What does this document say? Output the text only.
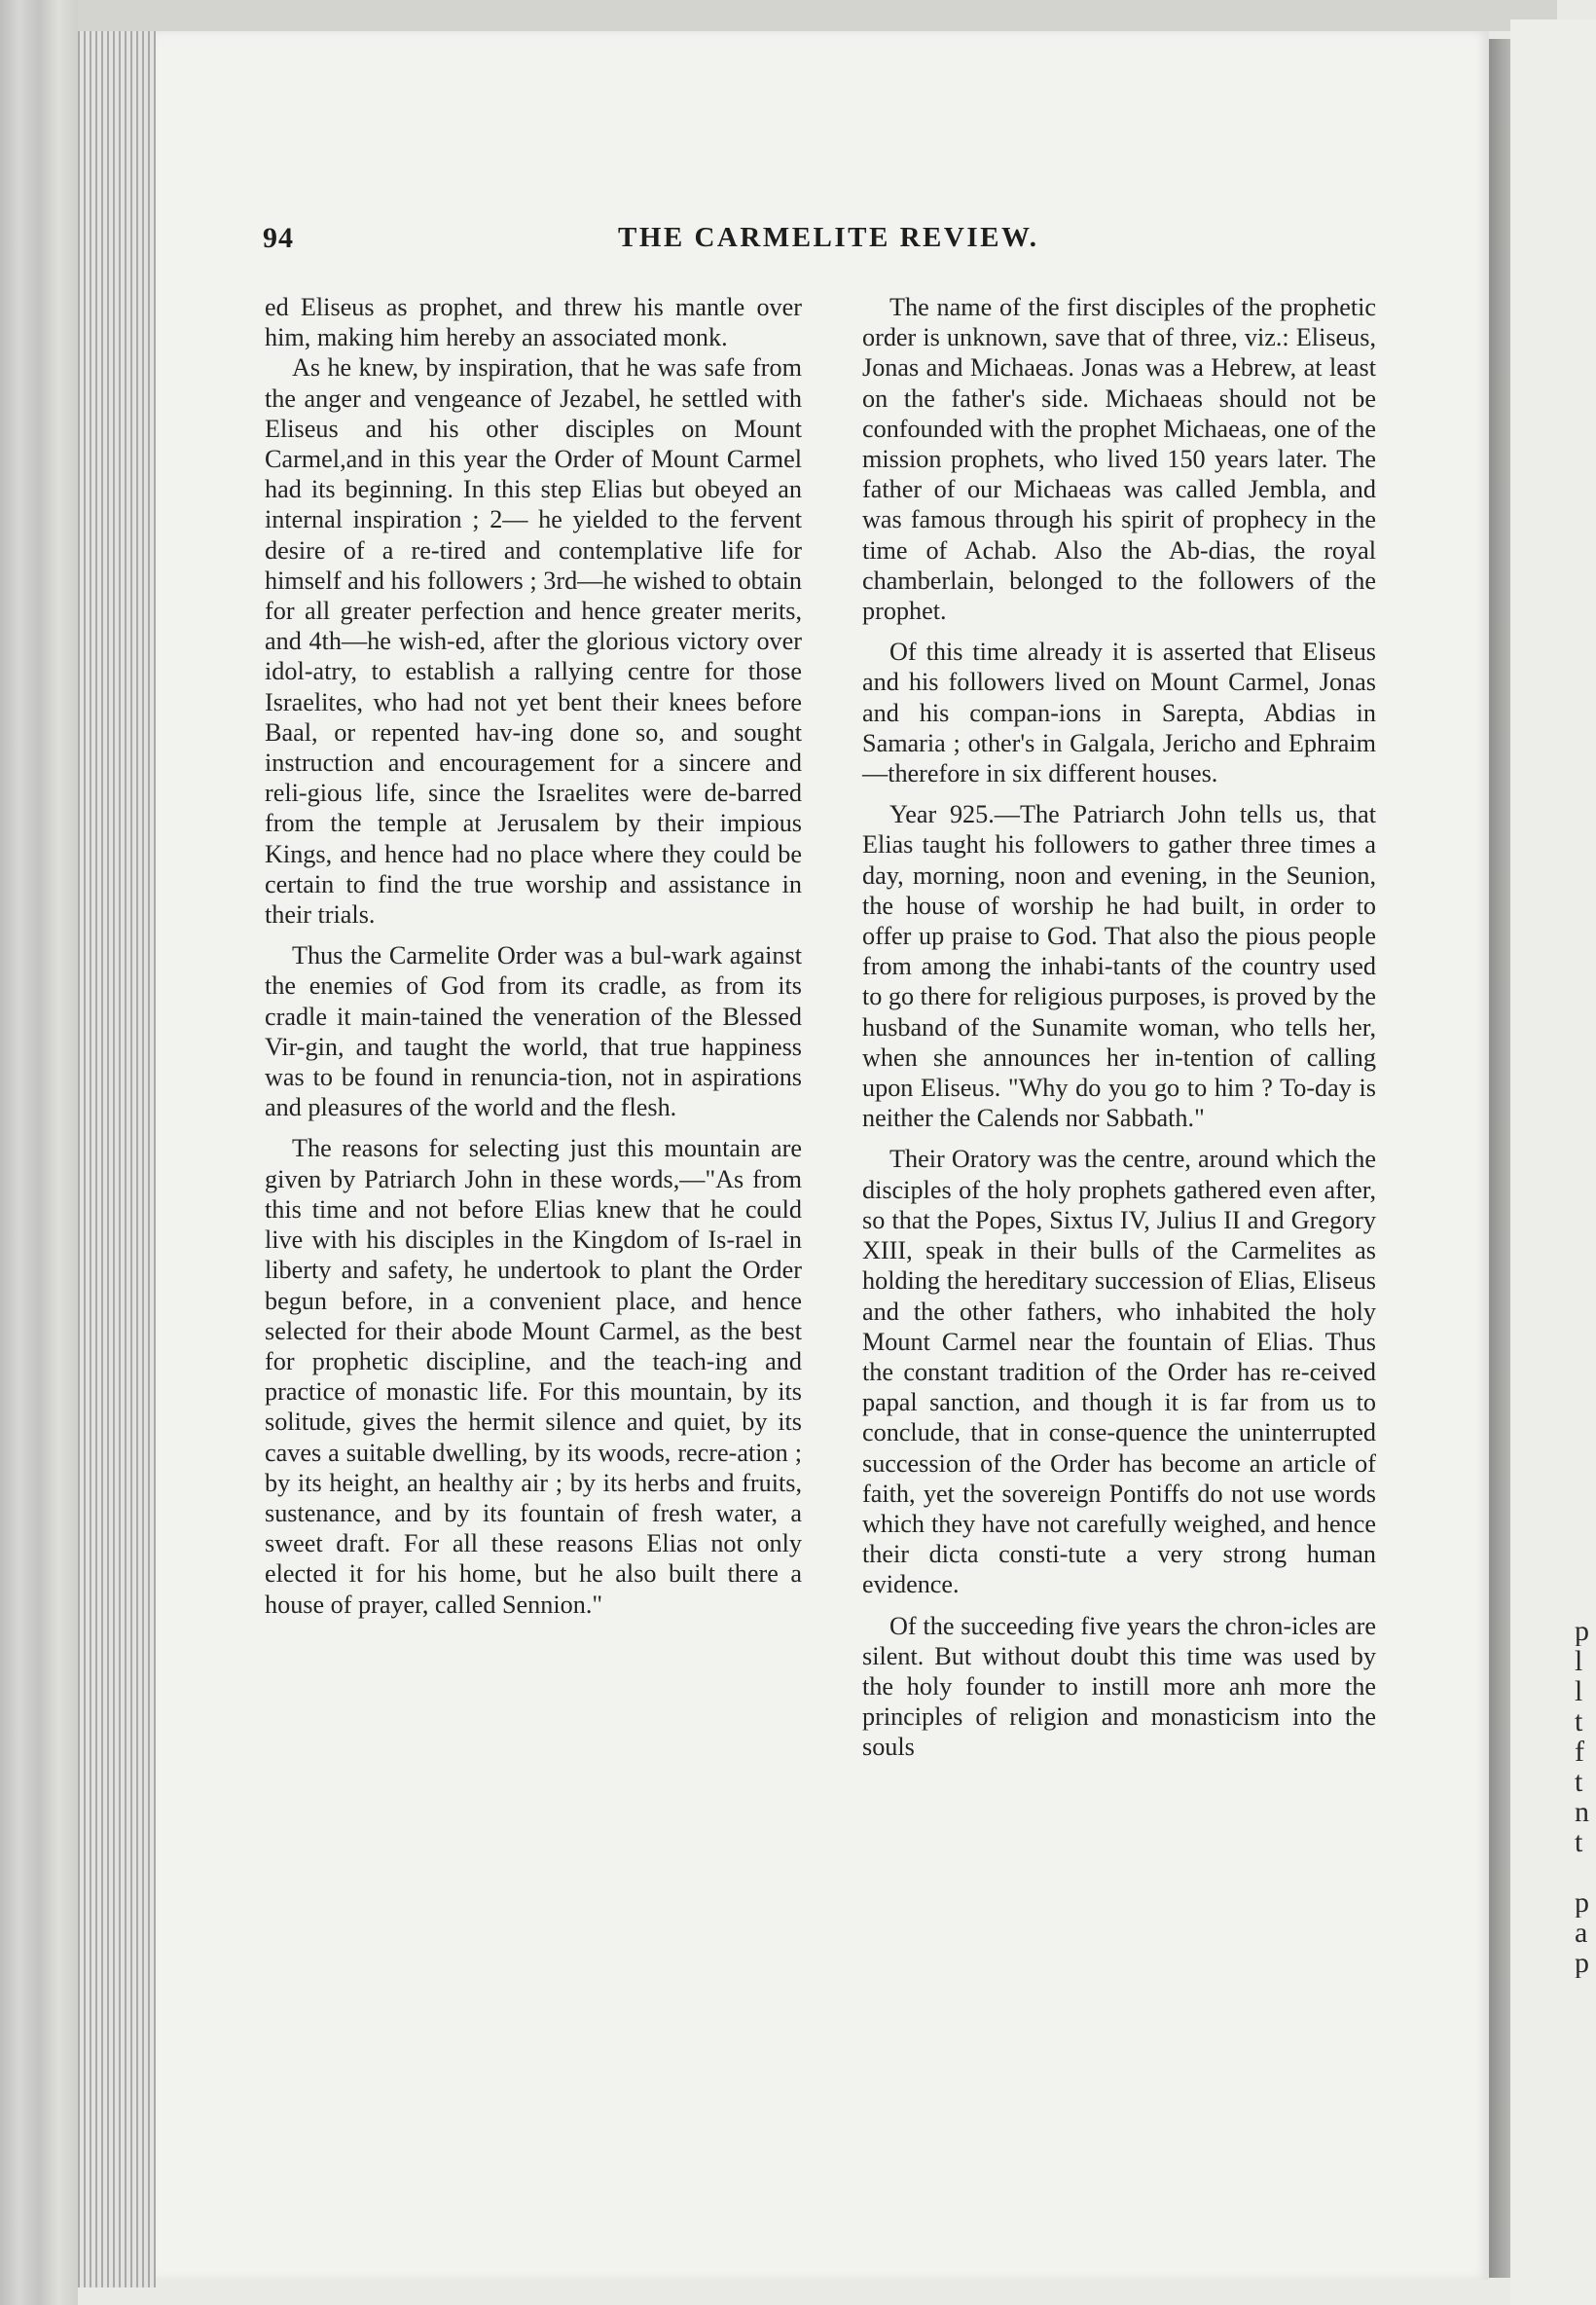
p
l
l
t
f
t
n
t
p
a
p
94	THE CARMELITE REVIEW.

ed Eliseus as prophet, and threw his mantle over him, making him hereby an associated monk.

As he knew, by inspiration, that he was safe from the anger and vengeance of Jezabel, he settled with Eliseus and his other disciples on Mount Carmel,and in this year the Order of Mount Carmel had its beginning. In this step Elias but obeyed an internal inspiration ; 2— he yielded to the fervent desire of a re-tired and contemplative life for himself and his followers ; 3rd—he wished to obtain for all greater perfection and hence greater merits, and 4th—he wish-ed, after the glorious victory over idol-atry, to establish a rallying centre for those Israelites, who had not yet bent their knees before Baal, or repented hav-ing done so, and sought instruction and encouragement for a sincere and reli-gious life, since the Israelites were de-barred from the temple at Jerusalem by their impious Kings, and hence had no place where they could be certain to find the true worship and assistance in their trials.

Thus the Carmelite Order was a bul-wark against the enemies of God from its cradle, as from its cradle it main-tained the veneration of the Blessed Vir-gin, and taught the world, that true happiness was to be found in renuncia-tion, not in aspirations and pleasures of the world and the flesh.

The reasons for selecting just this mountain are given by Patriarch John in these words,—"As from this time and not before Elias knew that he could live with his disciples in the Kingdom of Is-rael in liberty and safety, he undertook to plant the Order begun before, in a convenient place, and hence selected for their abode Mount Carmel, as the best for prophetic discipline, and the teach-ing and practice of monastic life. For this mountain, by its solitude, gives the hermit silence and quiet, by its caves a suitable dwelling, by its woods, recre-ation ; by its height, an healthy air ; by its herbs and fruits, sustenance, and by its fountain of fresh water, a sweet draft. For all these reasons Elias not only elected it for his home, but he also built there a house of prayer, called Sennion."

The name of the first disciples of the prophetic order is unknown, save that of three, viz.: Eliseus, Jonas and Michaeas. Jonas was a Hebrew, at least on the father's side. Michaeas should not be confounded with the prophet Michaeas, one of the mission prophets, who lived 150 years later. The father of our Michaeas was called Jembla, and was famous through his spirit of prophecy in the time of Achab. Also the Ab-dias, the royal chamberlain, belonged to the followers of the prophet.

Of this time already it is asserted that Eliseus and his followers lived on Mount Carmel, Jonas and his compan-ions in Sarepta, Abdias in Samaria ; other's in Galgala, Jericho and Ephraim —therefore in six different houses.

Year 925.—The Patriarch John tells us, that Elias taught his followers to gather three times a day, morning, noon and evening, in the Seunion, the house of worship he had built, in order to offer up praise to God. That also the pious people from among the inhabi-tants of the country used to go there for religious purposes, is proved by the husband of the Sunamite woman, who tells her, when she announces her in-tention of calling upon Eliseus. "Why do you go to him ? To-day is neither the Calends nor Sabbath."

Their Oratory was the centre, around which the disciples of the holy prophets gathered even after, so that the Popes, Sixtus IV, Julius II and Gregory XIII, speak in their bulls of the Carmelites as holding the hereditary succession of Elias, Eliseus and the other fathers, who inhabited the holy Mount Carmel near the fountain of Elias. Thus the constant tradition of the Order has re-ceived papal sanction, and though it is far from us to conclude, that in conse-quence the uninterrupted succession of the Order has become an article of faith, yet the sovereign Pontiffs do not use words which they have not carefully weighed, and hence their dicta consti-tute a very strong human evidence.

Of the succeeding five years the chron-icles are silent. But without doubt this time was used by the holy founder to instill more anh more the principles of religion and monasticism into the souls
